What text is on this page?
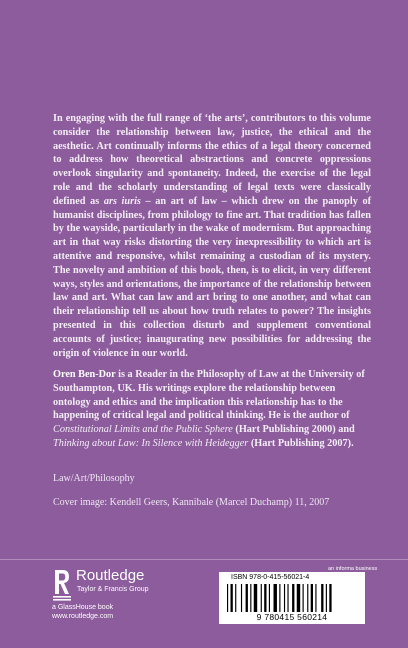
In engaging with the full range of ‘the arts’, contributors to this volume consider the relationship between law, justice, the ethical and the aesthetic. Art continually informs the ethics of a legal theory concerned to address how theoretical abstractions and concrete oppressions overlook singularity and spontaneity. Indeed, the exercise of the legal role and the scholarly understanding of legal texts were classically defined as ars iuris – an art of law – which drew on the panoply of humanist disciplines, from philology to fine art. That tradition has fallen by the wayside, particularly in the wake of modernism. But approaching art in that way risks distorting the very inexpressibility to which art is attentive and responsive, whilst remaining a custodian of its mystery. The novelty and ambition of this book, then, is to elicit, in very different ways, styles and orientations, the importance of the relationship between law and art. What can law and art bring to one another, and what can their relationship tell us about how truth relates to power? The insights presented in this collection disturb and supplement conventional accounts of justice; inaugurating new possibilities for addressing the origin of violence in our world.

Oren Ben-Dor is a Reader in the Philosophy of Law at the University of Southampton, UK. His writings explore the relationship between ontology and ethics and the implication this relationship has to the happening of critical legal and political thinking. He is the author of Constitutional Limits and the Public Sphere (Hart Publishing 2000) and Thinking about Law: In Silence with Heidegger (Hart Publishing 2007).

Law/Art/Philosophy
Cover image: Kendell Geers, Kannibale (Marcel Duchamp) 11, 2007
Routledge
Taylor & Francis Group
a GlassHouse book
www.routledge.com
an informa business
ISBN 978-0-415-56021-4
9 780415 560214
